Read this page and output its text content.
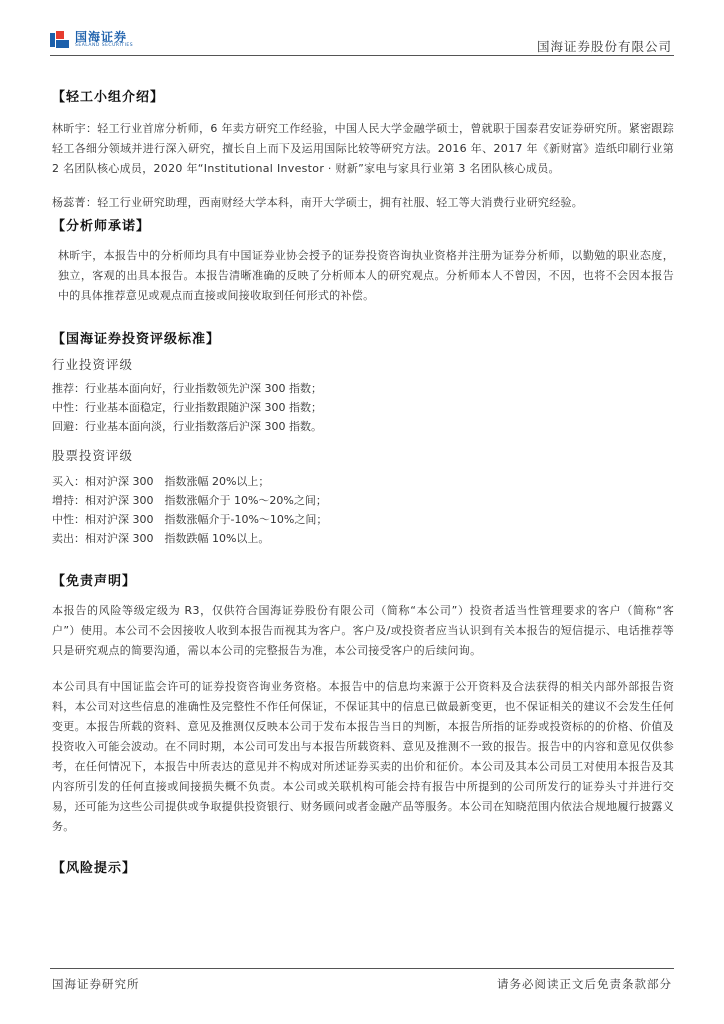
国海证券
SEALAND SECURITIES	国海证券股份有限公司
【轻工小组介绍】

林昕宇：轻工行业首席分析师，6 年卖方研究工作经验，中国人民大学金融学硕士，曾就职于国泰君安证券研究所。紧密跟踪轻工各细分领域并进行深入研究，擅长自上而下及运用国际比较等研究方法。2016 年、2017 年《新财富》造纸印刷行业第 2 名团队核心成员，2020 年“Institutional Investor · 财新”家电与家具行业第 3 名团队核心成员。

杨蕊菁：轻工行业研究助理，西南财经大学本科，南开大学硕士，拥有社服、轻工等大消费行业研究经验。

【分析师承诺】

林昕宇，本报告中的分析师均具有中国证券业协会授予的证券投资咨询执业资格并注册为证券分析师，以勤勉的职业态度，独立，客观的出具本报告。本报告清晰准确的反映了分析师本人的研究观点。分析师本人不曾因，不因，也将不会因本报告中的具体推荐意见或观点而直接或间接收取到任何形式的补偿。

【国海证券投资评级标准】

行业投资评级

推荐：行业基本面向好，行业指数领先沪深 300 指数；

中性：行业基本面稳定，行业指数跟随沪深 300 指数；

回避：行业基本面向淡，行业指数落后沪深 300 指数。

股票投资评级

买入：相对沪深 300　指数涨幅 20%以上；

增持：相对沪深 300　指数涨幅介于 10%～20%之间；

中性：相对沪深 300　指数涨幅介于-10%～10%之间；

卖出：相对沪深 300　指数跌幅 10%以上。

【免责声明】

本报告的风险等级定级为 R3，仅供符合国海证券股份有限公司（简称“本公司”）投资者适当性管理要求的客户（简称“客户”）使用。本公司不会因接收人收到本报告而视其为客户。客户及/或投资者应当认识到有关本报告的短信提示、电话推荐等只是研究观点的简要沟通，需以本公司的完整报告为准，本公司接受客户的后续问询。

本公司具有中国证监会许可的证券投资咨询业务资格。本报告中的信息均来源于公开资料及合法获得的相关内部外部报告资料，本公司对这些信息的准确性及完整性不作任何保证，不保证其中的信息已做最新变更，也不保证相关的建议不会发生任何变更。本报告所载的资料、意见及推测仅反映本公司于发布本报告当日的判断，本报告所指的证券或投资标的的价格、价值及投资收入可能会波动。在不同时期，本公司可发出与本报告所载资料、意见及推测不一致的报告。报告中的内容和意见仅供参考，在任何情况下，本报告中所表达的意见并不构成对所述证券买卖的出价和征价。本公司及其本公司员工对使用本报告及其内容所引发的任何直接或间接损失概不负责。本公司或关联机构可能会持有报告中所提到的公司所发行的证券头寸并进行交易，还可能为这些公司提供或争取提供投资银行、财务顾问或者金融产品等服务。本公司在知晓范围内依法合规地履行披露义务。

【风险提示】
国海证券研究所	请务必阅读正文后免责条款部分
